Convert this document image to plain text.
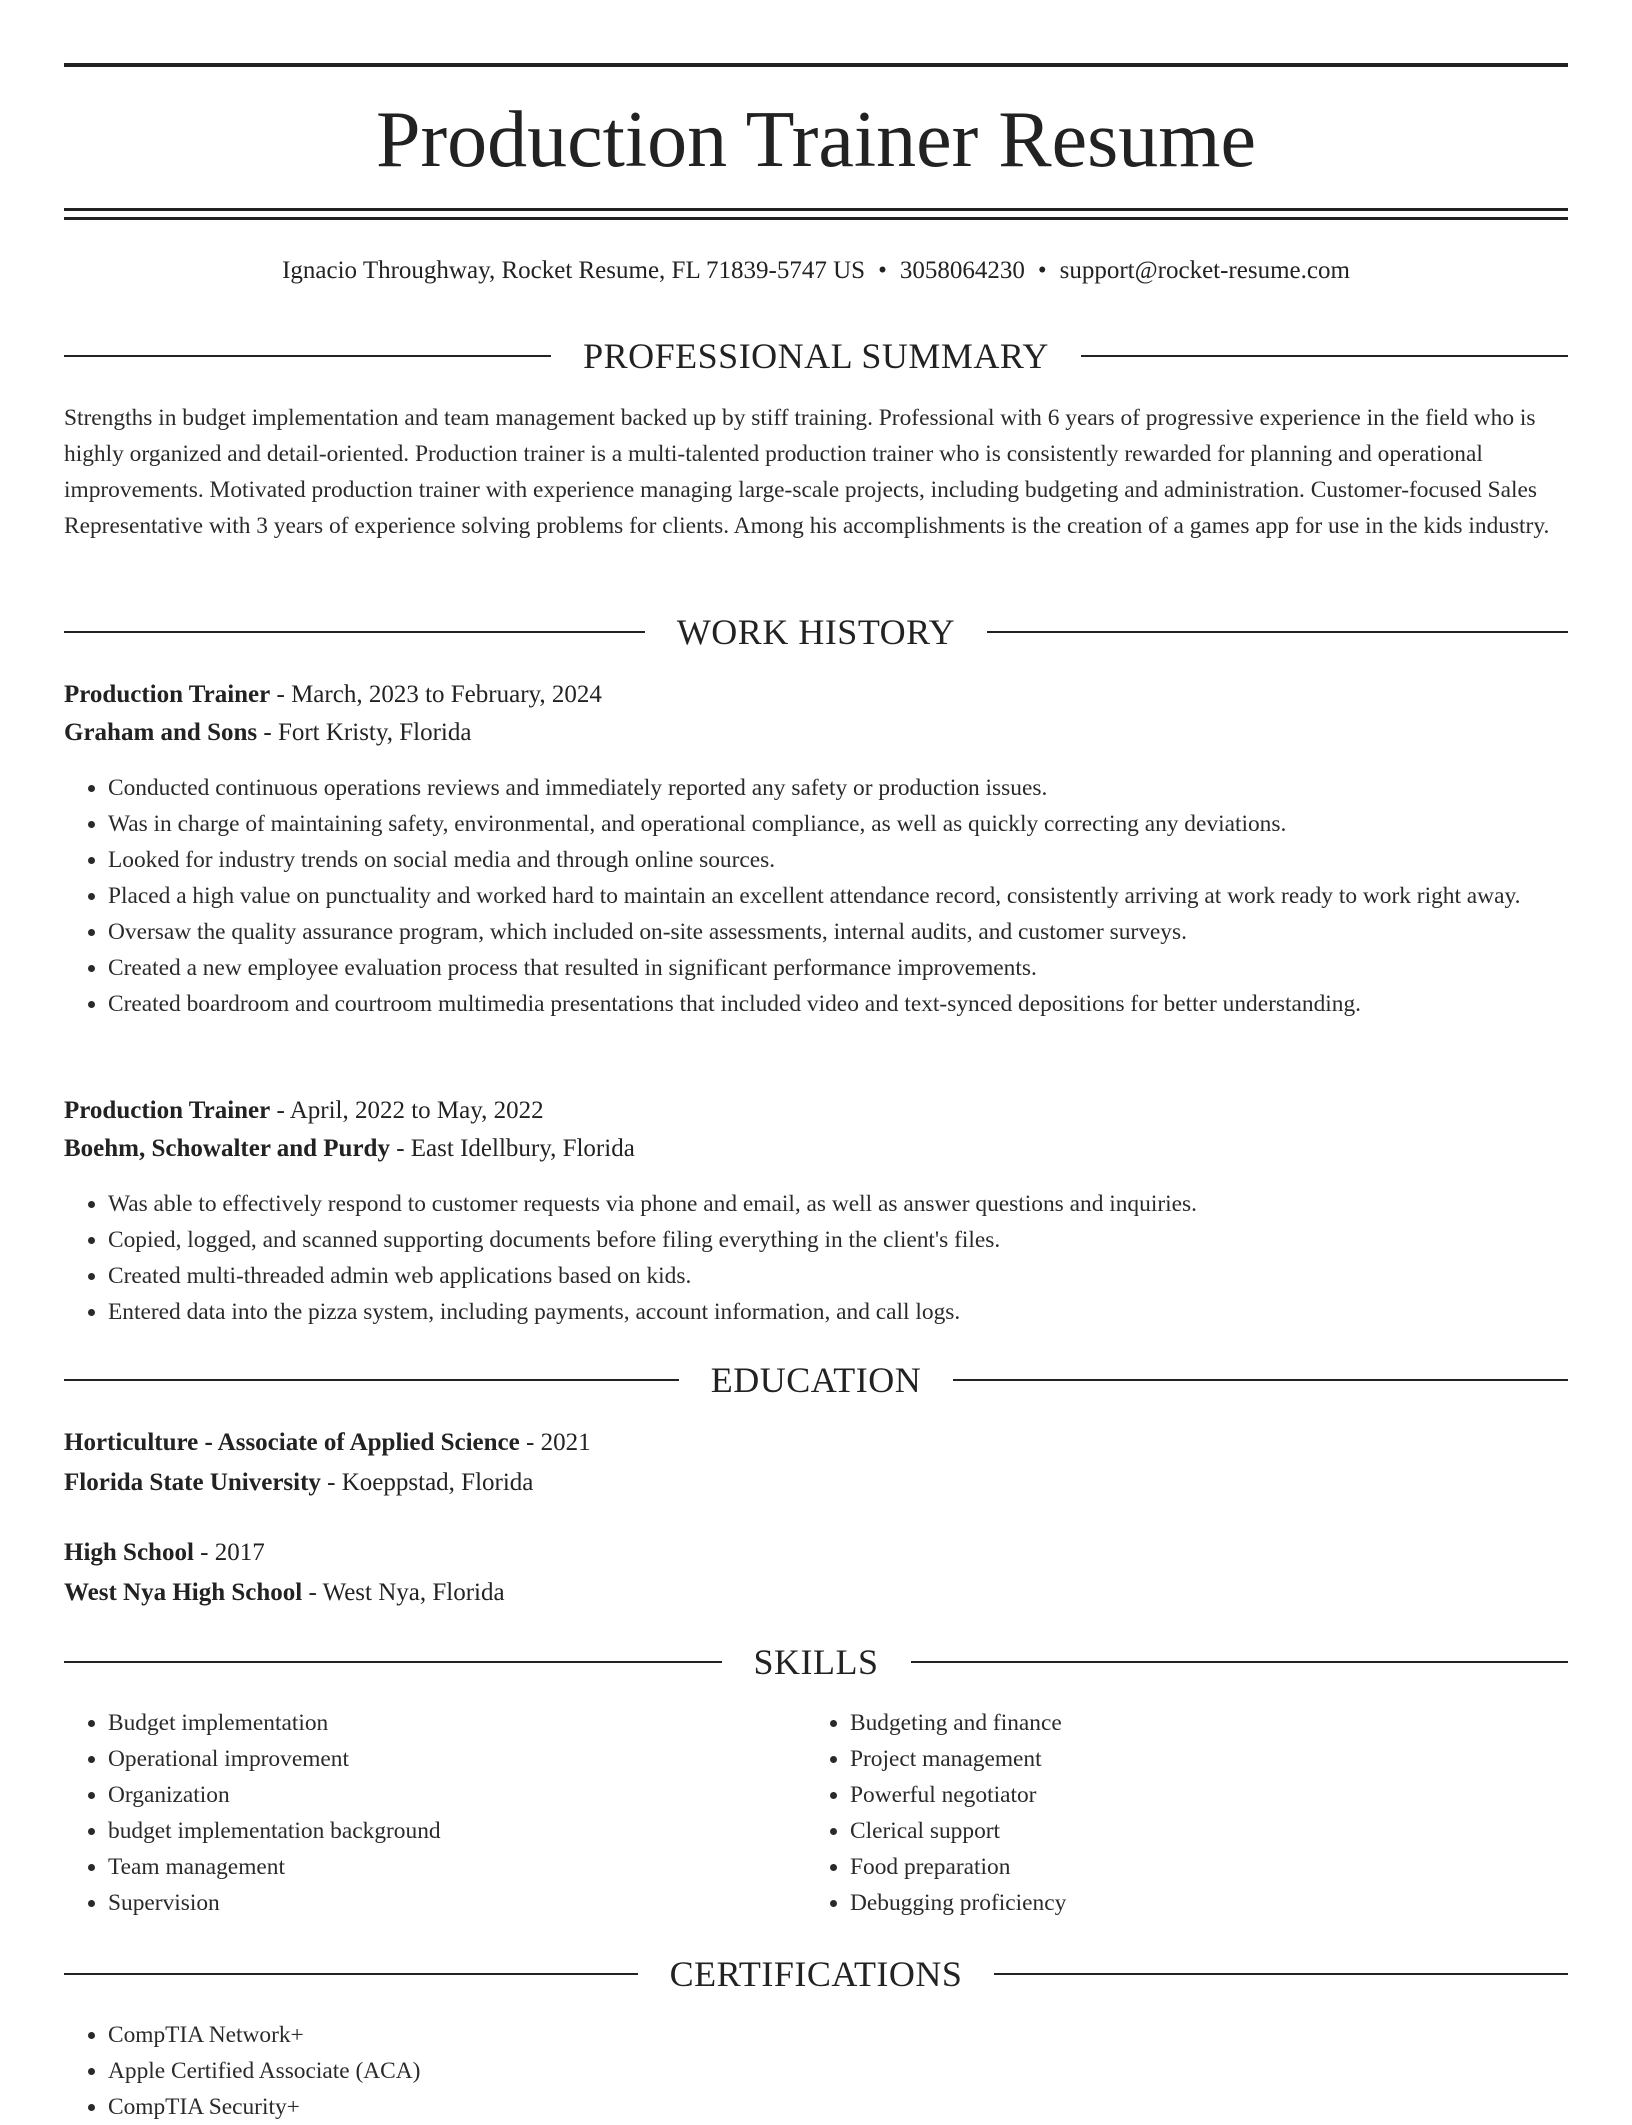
Production Trainer Resume
Ignacio Throughway, Rocket Resume, FL 71839-5747 US • 3058064230 • support@rocket-resume.com
PROFESSIONAL SUMMARY

Strengths in budget implementation and team management backed up by stiff training. Professional with 6 years of progressive experience in the field who is highly organized and detail-oriented. Production trainer is a multi-talented production trainer who is consistently rewarded for planning and operational improvements. Motivated production trainer with experience managing large-scale projects, including budgeting and administration. Customer-focused Sales Representative with 3 years of experience solving problems for clients. Among his accomplishments is the creation of a games app for use in the kids industry.

WORK HISTORY
Production Trainer - March, 2023 to February, 2024
Graham and Sons - Fort Kristy, Florida
• Conducted continuous operations reviews and immediately reported any safety or production issues.
• Was in charge of maintaining safety, environmental, and operational compliance, as well as quickly correcting any deviations.
• Looked for industry trends on social media and through online sources.
• Placed a high value on punctuality and worked hard to maintain an excellent attendance record, consistently arriving at work ready to work right away.
• Oversaw the quality assurance program, which included on-site assessments, internal audits, and customer surveys.
• Created a new employee evaluation process that resulted in significant performance improvements.
• Created boardroom and courtroom multimedia presentations that included video and text-synced depositions for better understanding.
Production Trainer - April, 2022 to May, 2022
Boehm, Schowalter and Purdy - East Idellbury, Florida
• Was able to effectively respond to customer requests via phone and email, as well as answer questions and inquiries.
• Copied, logged, and scanned supporting documents before filing everything in the client's files.
• Created multi-threaded admin web applications based on kids.
• Entered data into the pizza system, including payments, account information, and call logs.
EDUCATION
Horticulture - Associate of Applied Science - 2021
Florida State University - Koeppstad, Florida
High School - 2017
West Nya High School - West Nya, Florida
SKILLS
• Budget implementation
• Operational improvement
• Organization
• budget implementation background
• Team management
• Supervision
• Budgeting and finance
• Project management
• Powerful negotiator
• Clerical support
• Food preparation
• Debugging proficiency
CERTIFICATIONS
• CompTIA Network+
• Apple Certified Associate (ACA)
• CompTIA Security+
